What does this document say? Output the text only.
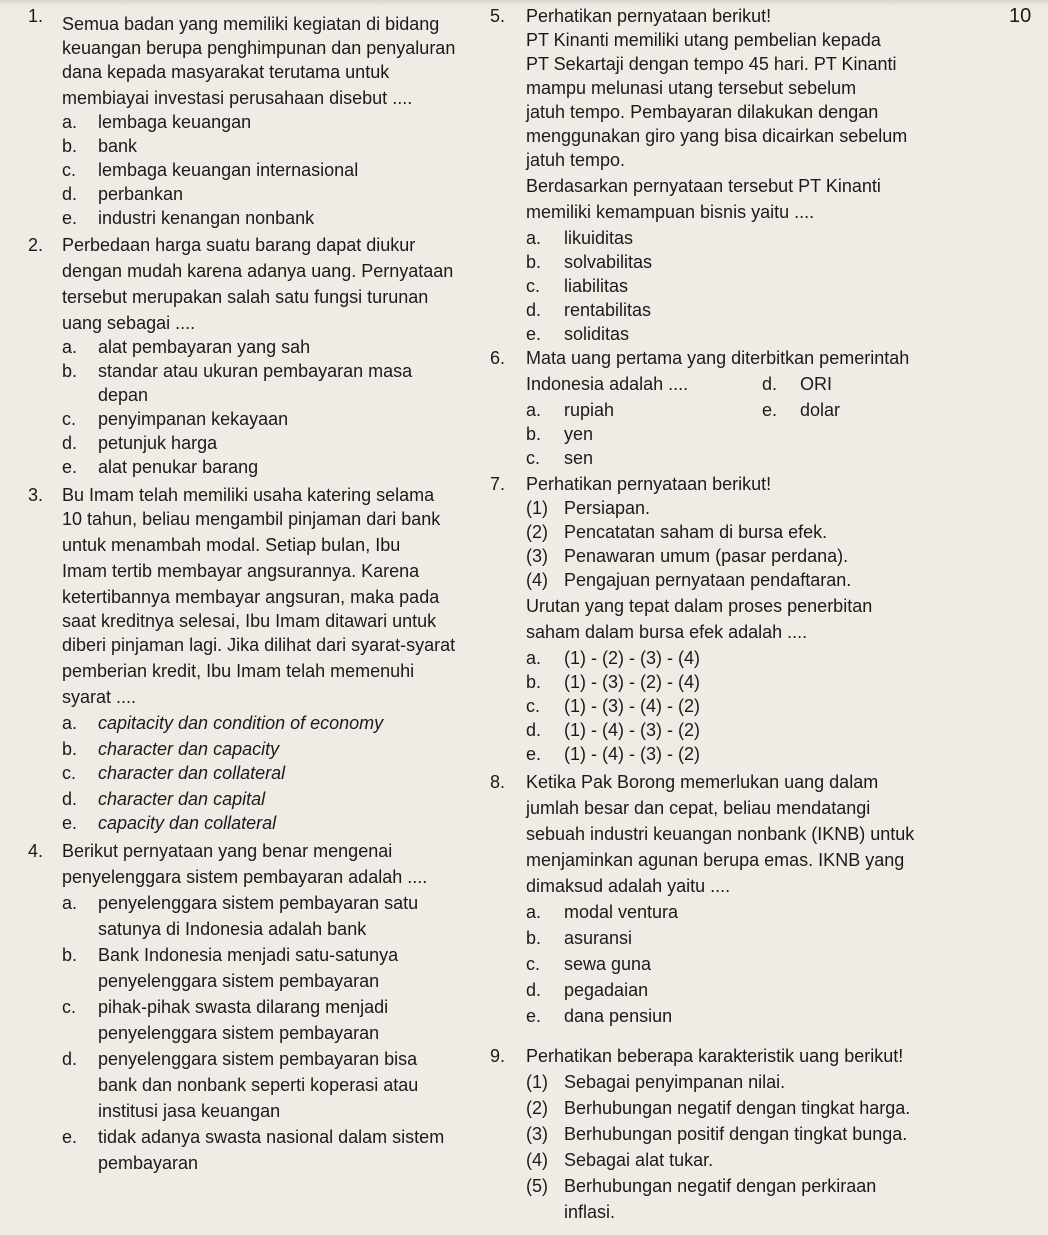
10
1. Semua badan yang memiliki kegiatan di bidang
keuangan berupa penghimpunan dan penyaluran
dana kepada masyarakat terutama untuk
membiayai investasi perusahaan disebut ....
a. lembaga keuangan
b. bank
c. lembaga keuangan internasional
d. perbankan
e. industri kenangan nonbank
2. Perbedaan harga suatu barang dapat diukur
dengan mudah karena adanya uang. Pernyataan
tersebut merupakan salah satu fungsi turunan
uang sebagai ....
a. alat pembayaran yang sah
b. standar atau ukuran pembayaran masa
depan
c. penyimpanan kekayaan
d. petunjuk harga
e. alat penukar barang
3. Bu Imam telah memiliki usaha katering selama
10 tahun, beliau mengambil pinjaman dari bank
untuk menambah modal. Setiap bulan, Ibu
Imam tertib membayar angsurannya. Karena
ketertibannya membayar angsuran, maka pada
saat kreditnya selesai, Ibu Imam ditawari untuk
diberi pinjaman lagi. Jika dilihat dari syarat-syarat
pemberian kredit, Ibu Imam telah memenuhi
syarat ....
a. capitacity dan condition of economy
b. character dan capacity
c. character dan collateral
d. character dan capital
e. capacity dan collateral
4. Berikut pernyataan yang benar mengenai
penyelenggara sistem pembayaran adalah ....
a. penyelenggara sistem pembayaran satu
satunya di Indonesia adalah bank
b. Bank Indonesia menjadi satu-satunya
penyelenggara sistem pembayaran
c. pihak-pihak swasta dilarang menjadi
penyelenggara sistem pembayaran
d. penyelenggara sistem pembayaran bisa
bank dan nonbank seperti koperasi atau
institusi jasa keuangan
e. tidak adanya swasta nasional dalam sistem
pembayaran
5. Perhatikan pernyataan berikut!
PT Kinanti memiliki utang pembelian kepada
PT Sekartaji dengan tempo 45 hari. PT Kinanti
mampu melunasi utang tersebut sebelum
jatuh tempo. Pembayaran dilakukan dengan
menggunakan giro yang bisa dicairkan sebelum
jatuh tempo.
Berdasarkan pernyataan tersebut PT Kinanti
memiliki kemampuan bisnis yaitu ....
a. likuiditas
b. solvabilitas
c. liabilitas
d. rentabilitas
e. soliditas
6. Mata uang pertama yang diterbitkan pemerintah
Indonesia adalah ....
a. rupiah
d. ORI
b. yen
e. dolar
c. sen
7. Perhatikan pernyataan berikut!
(1) Persiapan.
(2) Pencatatan saham di bursa efek.
(3) Penawaran umum (pasar perdana).
(4) Pengajuan pernyataan pendaftaran.
Urutan yang tepat dalam proses penerbitan
saham dalam bursa efek adalah ....
a. (1) - (2) - (3) - (4)
b. (1) - (3) - (2) - (4)
c. (1) - (3) - (4) - (2)
d. (1) - (4) - (3) - (2)
e. (1) - (4) - (3) - (2)
8. Ketika Pak Borong memerlukan uang dalam
jumlah besar dan cepat, beliau mendatangi
sebuah industri keuangan nonbank (IKNB) untuk
menjaminkan agunan berupa emas. IKNB yang
dimaksud adalah yaitu ....
a. modal ventura
b. asuransi
c. sewa guna
d. pegadaian
e. dana pensiun
9. Perhatikan beberapa karakteristik uang berikut!
(1) Sebagai penyimpanan nilai.
(2) Berhubungan negatif dengan tingkat harga.
(3) Berhubungan positif dengan tingkat bunga.
(4) Sebagai alat tukar.
(5) Berhubungan negatif dengan perkiraan
inflasi.
